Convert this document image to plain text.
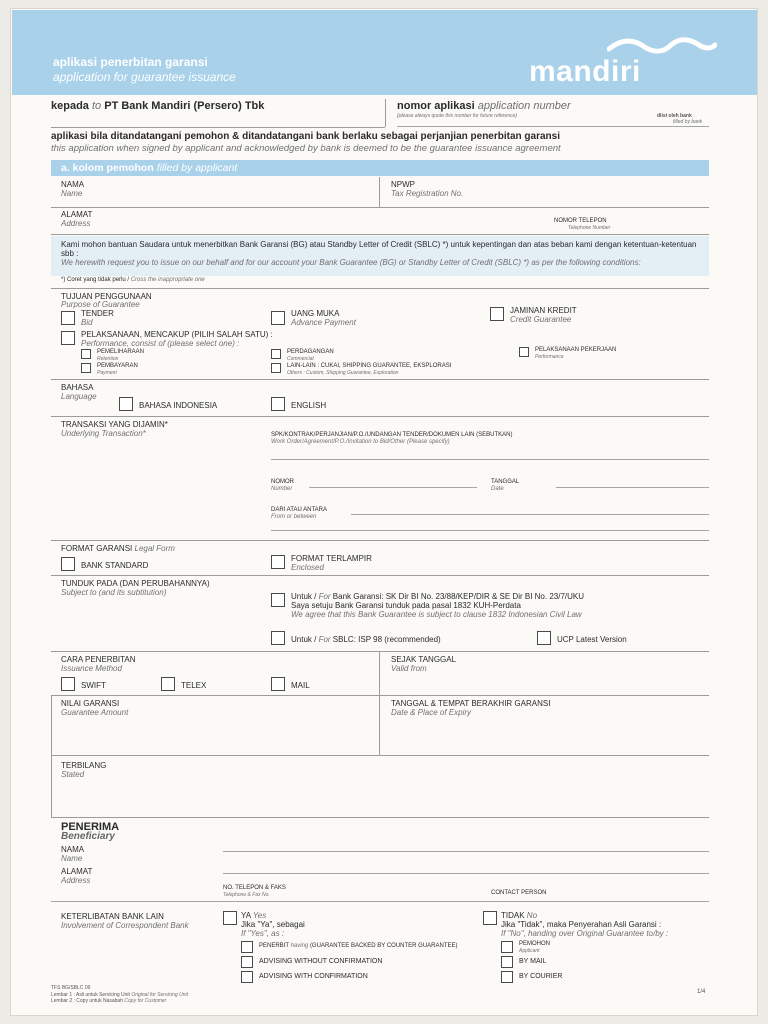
aplikasi penerbitan garansi
application for guarantee issuance	mandiri
kepada to PT Bank Mandiri (Persero) Tbk	nomor aplikasi application number
(please always quote this number for future reference)	diisi oleh bank
filled by bank
aplikasi bila ditandatangani pemohon & ditandatangani bank berlaku sebagai perjanjian penerbitan garansi
this application when signed by applicant and acknowledged by bank is deemed to be the guarantee issuance agreement
a. kolom pemohon filled by applicant
NAMA
Name
NPWP
Tax Registration No.
ALAMAT
Address	NOMOR TELEPON
Telephone Number
Kami mohon bantuan Saudara untuk menerbitkan Bank Garansi (BG) atau Standby Letter of Credit (SBLC) *) untuk kepentingan dan atas beban kami dengan ketentuan-ketentuan sbb :
We herewith request you to issue on our behalf and for our account your Bank Guarantee (BG) or Standby Letter of Credit (SBLC) *) as per the following conditions:
*) Coret yang tidak perlu / Cross the inappropriate one
TUJUAN PENGGUNAAN
Purpose of Guarantee
TENDER
Bid
UANG MUKA
Advance Payment
JAMINAN KREDIT
Credit Guarantee
PELAKSANAAN, MENCAKUP (PILIH SALAH SATU) :
Performance, consist of (please select one) :
PEMELIHARAAN
Retention
PERDAGANGAN
Commercial
PELAKSANAAN PEKERJAAN
Performance
PEMBAYARAN
Payment
LAIN-LAIN : CUKAI, SHIPPING GUARANTEE, EKSPLORASI
Others : Custom, Shipping Guarantee, Exploration
BAHASA
Language
BAHASA INDONESIA	ENGLISH
TRANSAKSI YANG DIJAMIN*
Underlying Transaction*	SPK/KONTRAK/PERJANJIAN/P.O./UNDANGAN TENDER/DOKUMEN LAIN (SEBUTKAN)
Work Order/Agreement/P.O./Invitation to Bid/Other (Please specify)
NOMOR
Number
TANGGAL
Date
DARI ATAU ANTARA
From or between
FORMAT GARANSI Legal Form
BANK STANDARD
FORMAT TERLAMPIR
Enclosed
TUNDUK PADA (DAN PERUBAHANNYA)
Subject to (and its subtitution)	Untuk / For Bank Garansi: SK Dir BI No. 23/88/KEP/DIR & SE Dir BI No. 23/7/UKU
Saya setuju Bank Garansi tunduk pada pasal 1832 KUH-Perdata
We agree that this Bank Guarantee is subject to clause 1832 Indonesian Civil Law
Untuk / For SBLC: ISP 98 (recommended)	UCP Latest Version
CARA PENERBITAN
Issuance Method
SWIFT	TELEX	MAIL
SEJAK TANGGAL
Valid from
NILAI GARANSI
Guarantee Amount
TANGGAL & TEMPAT BERAKHIR GARANSI
Date & Place of Expiry
TERBILANG
Stated
PENERIMA
Beneficiary
NAMA
Name
ALAMAT
Address
NO. TELEPON & FAKS
Telephone & Fax No.	CONTACT PERSON
KETERLIBATAN BANK LAIN
Involvement of Correspondent Bank
YA Yes
Jika "Ya", sebagai
If "Yes", as :
PENERBIT having (GUARANTEE BACKED BY COUNTER GUARANTEE)
ADVISING WITHOUT CONFIRMATION
ADVISING WITH CONFIRMATION
TIDAK No
Jika "Tidak", maka Penyerahan Asli Garansi :
If "No", handing over Original Guarantee to/by :
PEMOHON
Applicant
BY MAIL
BY COURIER
TFS BG/SBLC 09
Lembar 1 : Asli untuk Servicing Unit Original for Servicing Unit
Lembar 2 : Copy untuk Nasabah Copy for Customer
1/4
